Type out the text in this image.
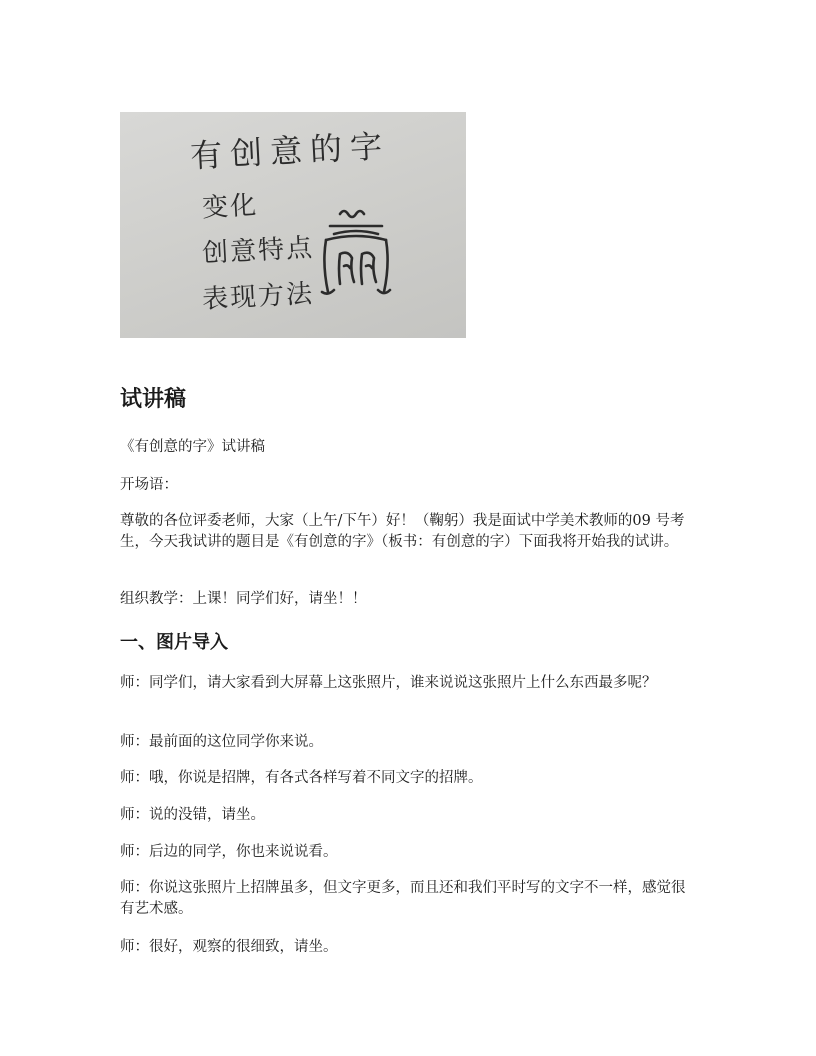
有创意的字
变化
创意特点
表现方法
试讲稿

《有创意的字》试讲稿

开场语：

尊敬的各位评委老师，大家（上午/下午）好！（鞠躬）我是面试中学美术教师的09 号考生，今天我试讲的题目是《有创意的字》（板书：有创意的字）下面我将开始我的试讲。

组织教学：上课！同学们好，请坐！！

一、图片导入

师：同学们，请大家看到大屏幕上这张照片，谁来说说这张照片上什么东西最多呢？

师：最前面的这位同学你来说。

师：哦，你说是招牌，有各式各样写着不同文字的招牌。

师：说的没错，请坐。

师：后边的同学，你也来说说看。

师：你说这张照片上招牌虽多，但文字更多，而且还和我们平时写的文字不一样，感觉很有艺术感。

师：很好，观察的很细致，请坐。
